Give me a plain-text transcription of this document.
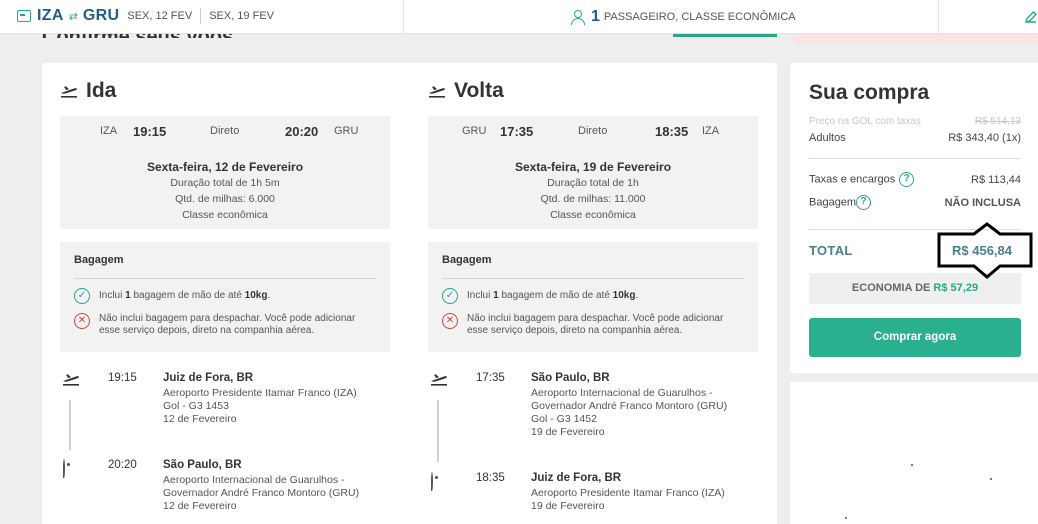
IZA ⇄ GRU SEX, 12 FEV SEX, 19 FEV	1 PASSAGEIRO, CLASSE ECONÔMICA
Ida
IZA 19:15	Direto	20:20 GRU
Sexta-feira, 12 de Fevereiro
Duração total de 1h 5m
Qtd. de milhas: 6.000
Classe econômica
Bagagem
✓	Inclui 1 bagagem de mão de até 10kg.
✕	Não inclui bagagem para despachar. Você pode adicionar esse serviço depois, direto na companhia aérea.
19:15 Juiz de Fora, BR
Aeroporto Presidente Itamar Franco (IZA)
Gol - G3 1453
12 de Fevereiro
20:20 São Paulo, BR
Aeroporto Internacional de Guarulhos - Governador André Franco Montoro (GRU)
12 de Fevereiro
Volta
GRU 17:35	Direto	18:35 IZA
Sexta-feira, 19 de Fevereiro
Duração total de 1h
Qtd. de milhas: 11.000
Classe econômica
Bagagem
✓	Inclui 1 bagagem de mão de até 10kg.
✕	Não inclui bagagem para despachar. Você pode adicionar esse serviço depois, direto na companhia aérea.
17:35 São Paulo, BR
Aeroporto Internacional de Guarulhos - Governador André Franco Montoro (GRU)
Gol - G3 1452
19 de Fevereiro
18:35 Juiz de Fora, BR
Aeroporto Presidente Itamar Franco (IZA)
19 de Fevereiro
Sua compra
Preço na GOL com taxas	R$ 514,13
Adultos	R$ 343,40 (1x)
Taxas e encargos ?	R$ 113,44
Bagagem ?	NÃO INCLUSA
TOTAL	R$ 456,84
ECONOMIA DE R$ 57,29
Comprar agora
